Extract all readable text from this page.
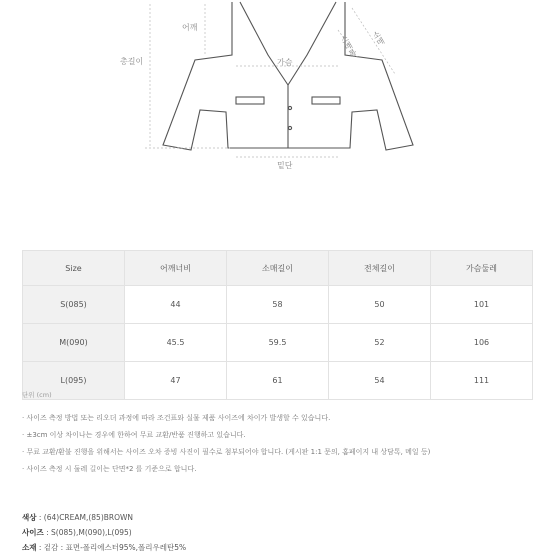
어깨
총길이	가슴
밑단
소매
소매통
Size	어깨너비	소매길이	전체길이	가슴둘레
S(085)	44	58	50	101
M(090)	45.5	59.5	52	106
L(095)	47	61	54	111
단위 (cm)
· 사이즈 측정 방법 또는 리오더 과정에 따라 조건표와 실물 제품 사이즈에 차이가 발생할 수 있습니다.
· ±3cm 이상 차이나는 경우에 한하여 무료 교환/반품 진행하고 있습니다.
· 무료 교환/환불 진행을 위해서는 사이즈 오차 증빙 사진이 필수로 첨부되어야 합니다. (게시판 1:1 문의, 홈페이지 내 상담톡, 메일 등)
· 사이즈 측정 시 둘레 길이는 단면*2 를 기준으로 합니다.
색상 : (64)CREAM,(85)BROWN
사이즈 : S(085),M(090),L(095)
소재 : 겉감 : 표면-폴리에스터95%,폴리우레탄5%
